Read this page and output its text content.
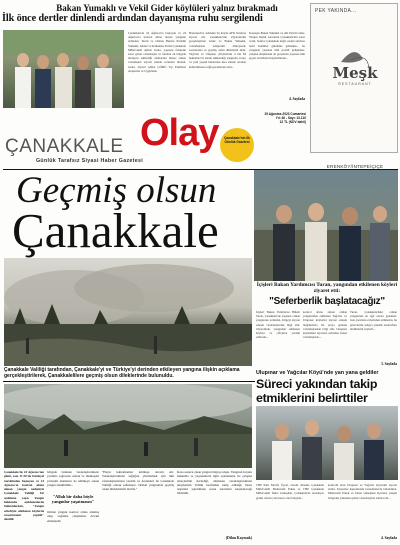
Bakan Yumaklı ve Vekil Gider köylüleri yalnız bırakmadı
İlk önce dertler dinlendi ardından dayanışma ruhu sergilendi
Çanakkale'de 24 Ağustos'ta başlayan ve 24 Ağustos'ta kontrol altına alınan yangının ardından, Tarım ve Orman Bakanı İbrahim Yumaklı, Adalet ve Kalkınma Partisi Çanakkale Milletvekili Ayhan Gider, yaşanan felaketin zarar gören vatandaşlar ve bunlara ek bölgede ilerleyen etkilediği alanlardan birkaç sahası vatandaşlar ziyaret ederek sorunları dinledi. Gider, ziyaret edilen ÇÖMÜ Tıp Fakültesi Araştırma ve Uygulama
Hastanesi'ni, ardından bu köyde AYK Tarafına ziyaret etti. Çanakkale'nin Ziyaretlerini gerçekleştiren Gider ve Bakan Yumaklı, vatandaşların taleplerini dinleyerek, sorunlarına ve geçmiş olsun dileklerini iletti. Yağcılar ve Ulupınar çiftçilerinin 4 bin 84 hektarlık bir alanın etkilendiği yangında, zararı ve yeni yaşam haklarının kısa sürede ortadan kaldırılmasını sağlayacaklarına dair...
Konuşan Bakan Yumaklı ve AK Partili Gider, Yangın büyük zararlarla Çanakkale'nin zarar verdi, Sadece Çanakkale değil, neden alevlere nasıl önlemler gündeme gelmekte... bu yangında yaşanan tüm pozitif gelişmeler, çalışma ekiplerinin de gerçekten yaşanan tüm geçen tecrübeleri kaydedilerek...
4. Sayfada
PEK YAKINDA...
Meşk
RESTAURANT
29 Ağustos 2023 Cumartesi
Yıl: 46 - Sayı: 13.110
12 TL (KDV dahil)
ÇANAKKALE Olay	Çanakkale'nin İlk Günlük Gazetesi
Günlük Tarafsız Siyasi Haber Gazetesi
ERENKÖY/İNTEPE/ÇIÇE
Geçmiş olsun
Çanakkale
İçişleri Bakan Yardımcısı Turan, yangından etkilenen köyleri ziyaret etti:
"Seferberlik başlatacağız"
İçişleri Bakan Yardımcısı Bülent Turan, Çanakkale'de yaşanan orman yangınının ardından, bölgeyi ziyaret ederek vatandaşlardan bilgi aldı. Ziyaretinde, yangından etkilenen köylere ve çiftçilere yardım edilecek...
kontrol altına alınan orman yangınından etkilenen Yağcılar ve Ulupınar köylerini ziyaret ederek mağdurlarla bir araya gelerek vatandaşlardan bilgi aldı. Ulupınar köyündeki ziyarette ardından bazen vatandaşların...
Turan, Çanakkale'deki orman yangınında en ağır zarara gelenleri, bazı yaralıları evlerinden ettiklerini, bu görevlerini sahaya yönelik tasarrufları ilettiklerini söyledi...
3. Sayfada
Çanakkale Valiliği tarafından, Çanakkale'yi ve Türkiye'yi derinden etkileyen yangına ilişkin açıklama gerçekleştirilerek, Çanakkalelilere geçmiş olsun dileklerinde bulunuldu.	Ulupınar ve Yağcılar Köyü'nde yan yana geldiler
Süreci yakından takip etmiklerini belirttiler
CHP Parti Meclis Üyesi, önceki döneme Çanakkale Milletvekili Muharrem Erkek ve CHP Çanakkale Milletvekili İsmet Güneşhan, Çanakkale'de neredeyse geden orman yolu hasar olan bölgede...
kontrolü altın Ulupınar ve Yağcılar köylerini ziyaret ettiler. Ziyaretler kapsamında incelemelerde bulundular. Muharrem Erkek ve İsmet Güneşhan ziyarette yangın bölgesini yakından görüp vatandaşlarla sohbet etti...
4. Sayfada
Çanakkale'de 24 Ağustos'tan günü, saat 11:30'da Denizyel mevkiinden başlayan ve 24 Ağustos'ta kontrol altına alınan yangın nedeniyle Çanakkale Valiliği bir açıklama yaptı. Yangın hakkında açıklamalarda bulunulurken, "Yangın sebebiyle etkilenen köylerde araştırmalar yapıldı" denildi.
bölgede bulunan vatandaşlarımızın yardıma çağırarak orman ve muhteşem yerleşim alanlarını da tehlikeye sokan yangın söndürüldü...
"Allah bir daha böyle yangınlar yaşatmasın"
Orman yangını kontrol altına alınmış olup, soğutma çalışmaları devam etmektedir.
"Hayat kahramanları kötüleşe devam etti. Vatandaşlarımızın sağlığını yitirmemek için tüm vatandaşlarımızın yardım ve destekleri ile Çanakkale Valiliği olarak sahadayız. Orman yangınında geçmiş olsun dileklerimizi iletiriz."
Kaza sonucu çıkan yangın bölgeye ulaştı. Yangının boyutu hakkında ve yaşananlarla ilgili açıklamalar ile çalışma süreçlerinin ilerlediği, etkilenen vatandaşlarımızın taleplerinin Valilik tarafından takip edildiği, hasar tespitleri yapıldıktan sonra zararların karşılanacağı bildirildi.
(Dilan Kaymak)
